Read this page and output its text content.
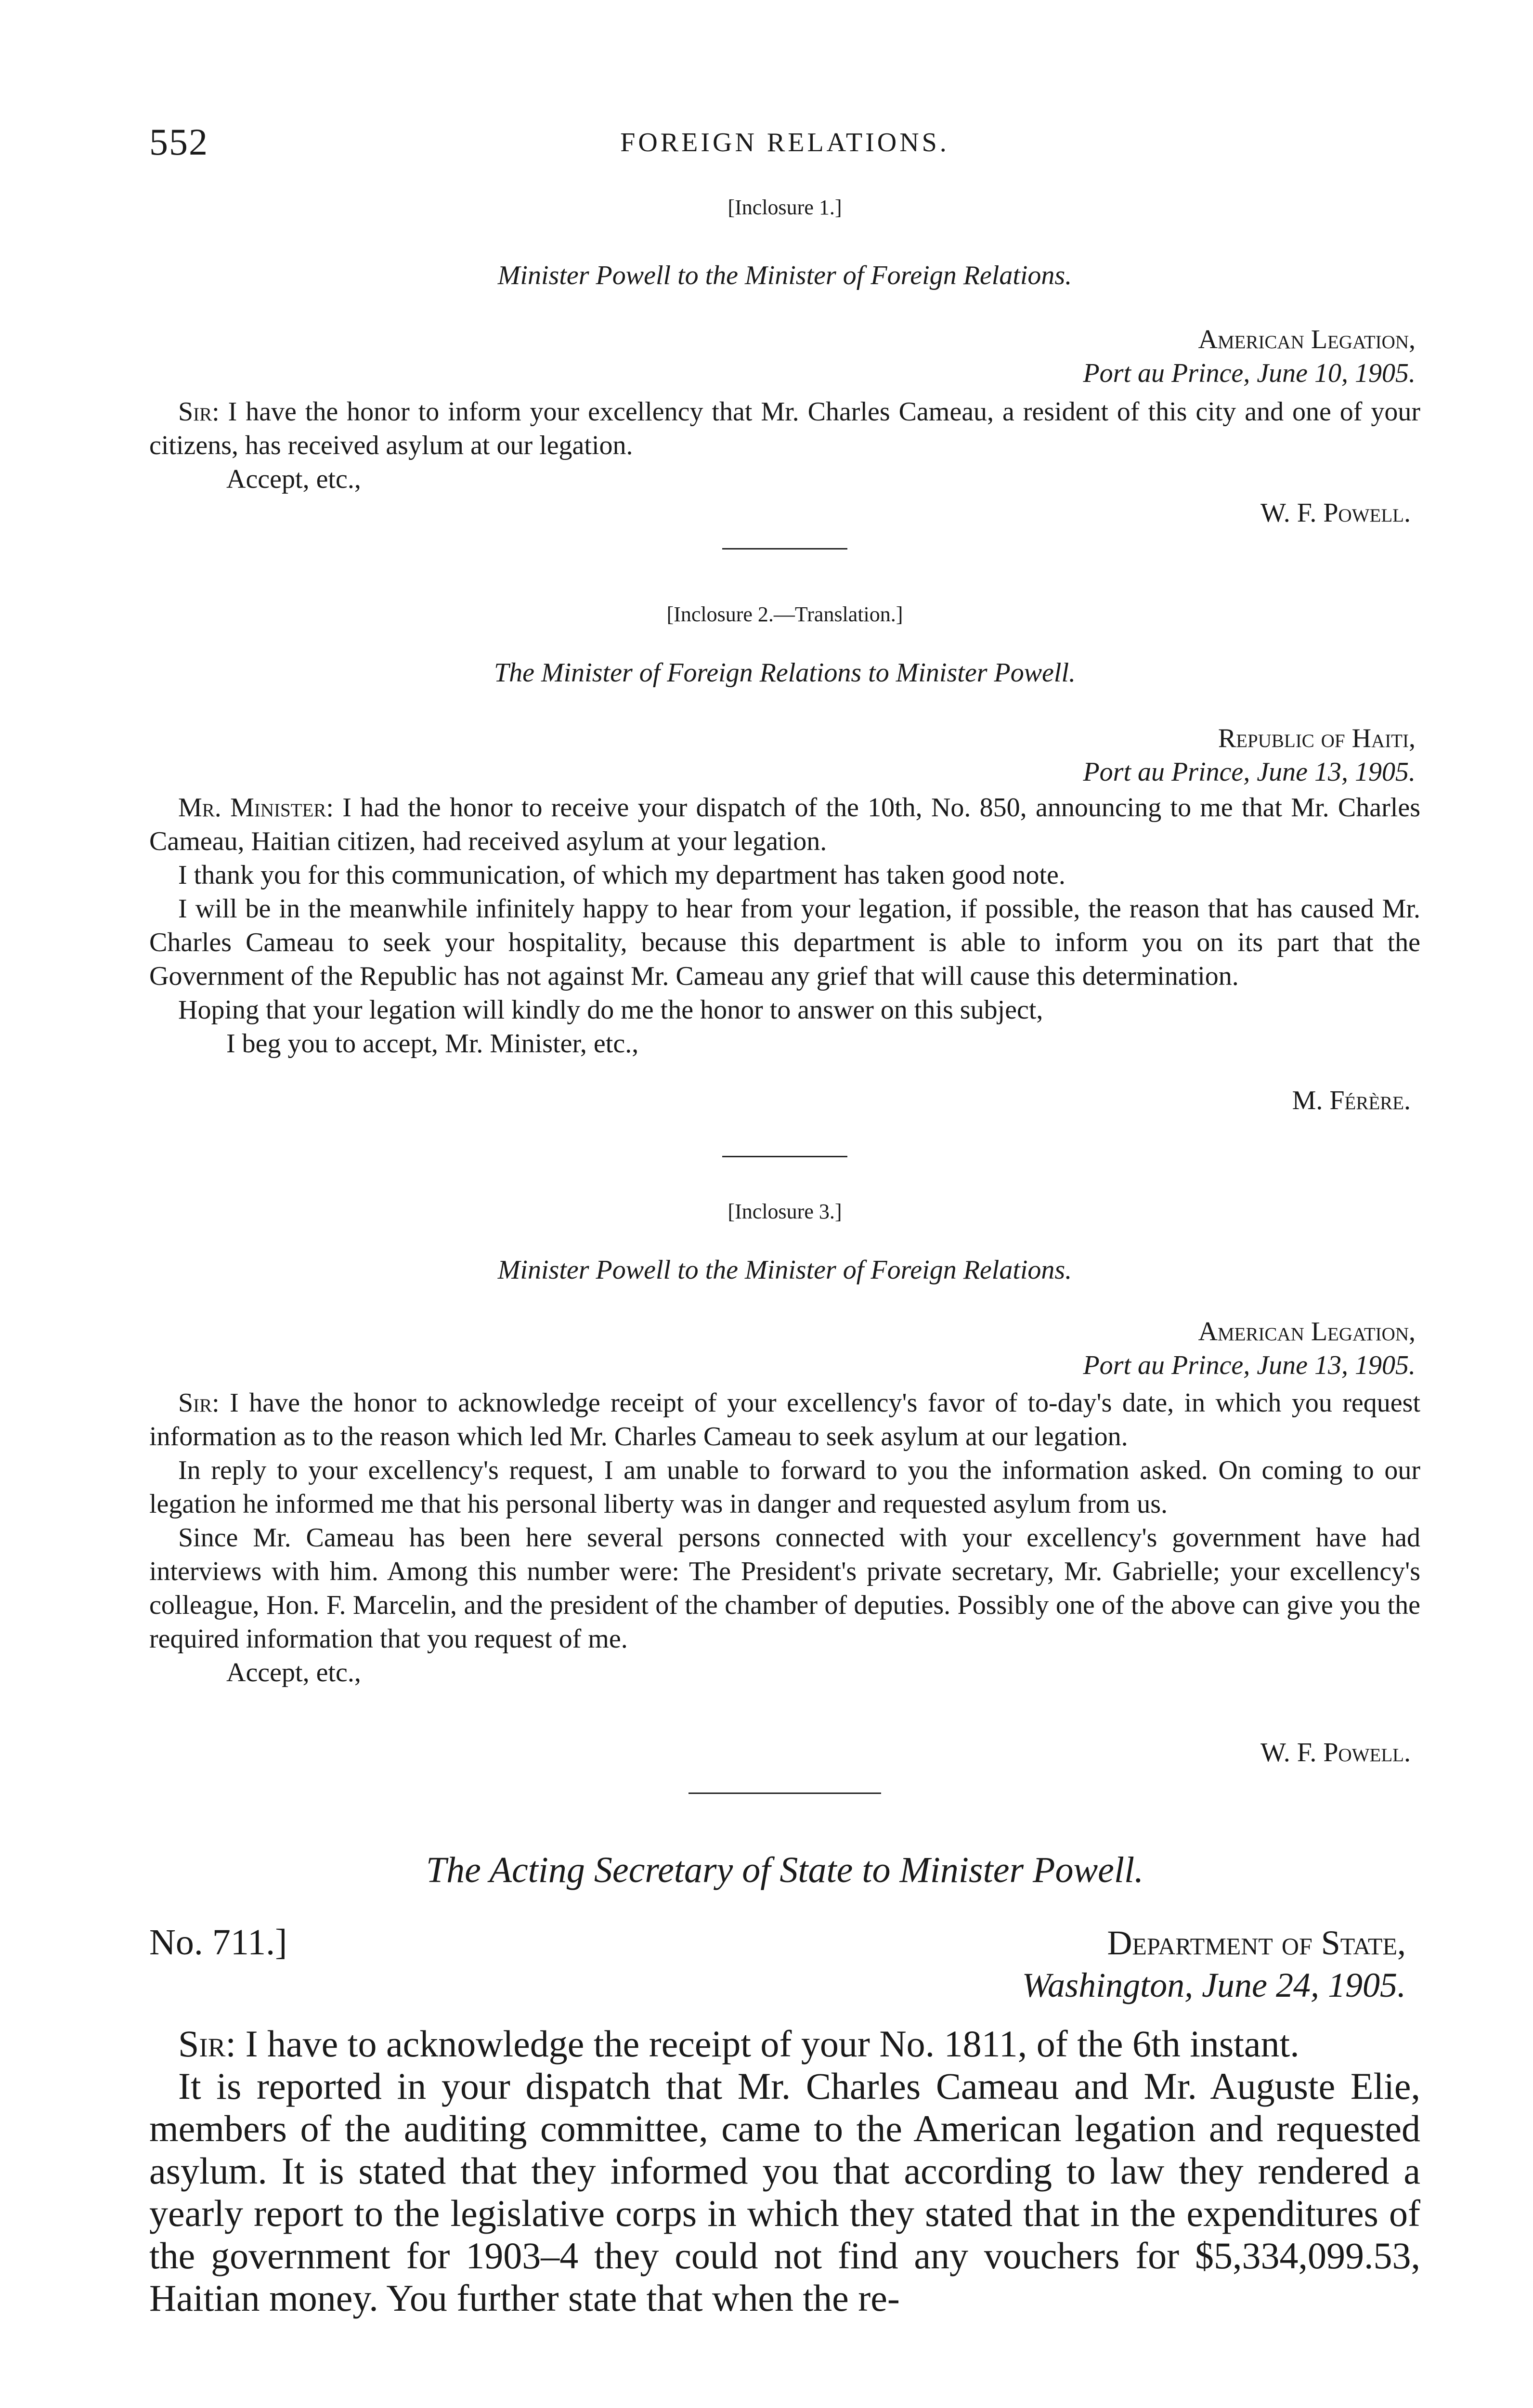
552	FOREIGN RELATIONS.
[Inclosure 1.]
Minister Powell to the Minister of Foreign Relations.
American Legation,
Port au Prince, June 10, 1905.

Sir: I have the honor to inform your excellency that Mr. Charles Cameau, a resident of this city and one of your citizens, has received asylum at our legation.

Accept, etc.,

W. F. Powell.
[Inclosure 2.—Translation.]
The Minister of Foreign Relations to Minister Powell.
Republic of Haiti,
Port au Prince, June 13, 1905.

Mr. Minister: I had the honor to receive your dispatch of the 10th, No. 850, announcing to me that Mr. Charles Cameau, Haitian citizen, had received asylum at your legation.

I thank you for this communication, of which my department has taken good note.

I will be in the meanwhile infinitely happy to hear from your legation, if possible, the reason that has caused Mr. Charles Cameau to seek your hospitality, because this department is able to inform you on its part that the Government of the Republic has not against Mr. Cameau any grief that will cause this determination.

Hoping that your legation will kindly do me the honor to answer on this subject,

I beg you to accept, Mr. Minister, etc.,

M. Férère.
[Inclosure 3.]
Minister Powell to the Minister of Foreign Relations.
American Legation,
Port au Prince, June 13, 1905.

Sir: I have the honor to acknowledge receipt of your excellency's favor of to-day's date, in which you request information as to the reason which led Mr. Charles Cameau to seek asylum at our legation.

In reply to your excellency's request, I am unable to forward to you the information asked. On coming to our legation he informed me that his personal liberty was in danger and requested asylum from us.

Since Mr. Cameau has been here several persons connected with your excellency's government have had interviews with him. Among this number were: The President's private secretary, Mr. Gabrielle; your excellency's colleague, Hon. F. Marcelin, and the president of the chamber of deputies. Possibly one of the above can give you the required information that you request of me.

Accept, etc.,

W. F. Powell.
The Acting Secretary of State to Minister Powell.
No. 711.]	Department of State,
Washington, June 24, 1905.

Sir: I have to acknowledge the receipt of your No. 1811, of the 6th instant.

It is reported in your dispatch that Mr. Charles Cameau and Mr. Auguste Elie, members of the auditing committee, came to the American legation and requested asylum. It is stated that they informed you that according to law they rendered a yearly report to the legislative corps in which they stated that in the expenditures of the government for 1903–4 they could not find any vouchers for $5,334,099.53, Haitian money. You further state that when the re-
